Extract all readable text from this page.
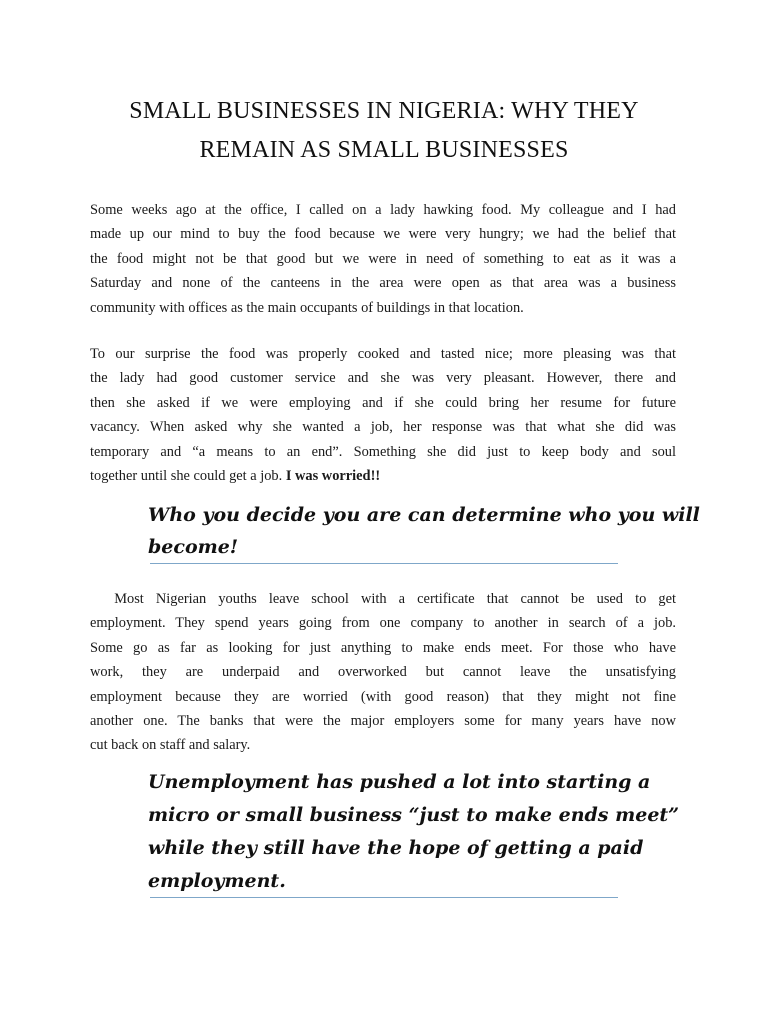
SMALL BUSINESSES IN NIGERIA: WHY THEY
REMAIN AS SMALL BUSINESSES

Some weeks ago at the office, I called on a lady hawking food. My colleague and I had
made up our mind to buy the food because we were very hungry; we had the belief that
the food might not be that good but we were in need of something to eat as it was a
Saturday and none of the canteens in the area were open as that area was a business
community with offices as the main occupants of buildings in that location.

To our surprise the food was properly cooked and tasted nice; more pleasing was that
the lady had good customer service and she was very pleasant. However, there and
then she asked if we were employing and if she could bring her resume for future
vacancy. When asked why she wanted a job, her response was that what she did was
temporary and “a means to an end”. Something she did just to keep body and soul
together until she could get a job. I was worried!!

Who you decide you are can determine who you will
become!

Most Nigerian youths leave school with a certificate that cannot be used to get
employment. They spend years going from one company to another in search of a job.
Some go as far as looking for just anything to make ends meet. For those who have
work, they are underpaid and overworked but cannot leave the unsatisfying
employment because they are worried (with good reason) that they might not fine
another one. The banks that were the major employers some for many years have now
cut back on staff and salary.

Unemployment has pushed a lot into starting a
micro or small business “just to make ends meet”
while they still have the hope of getting a paid
employment.
